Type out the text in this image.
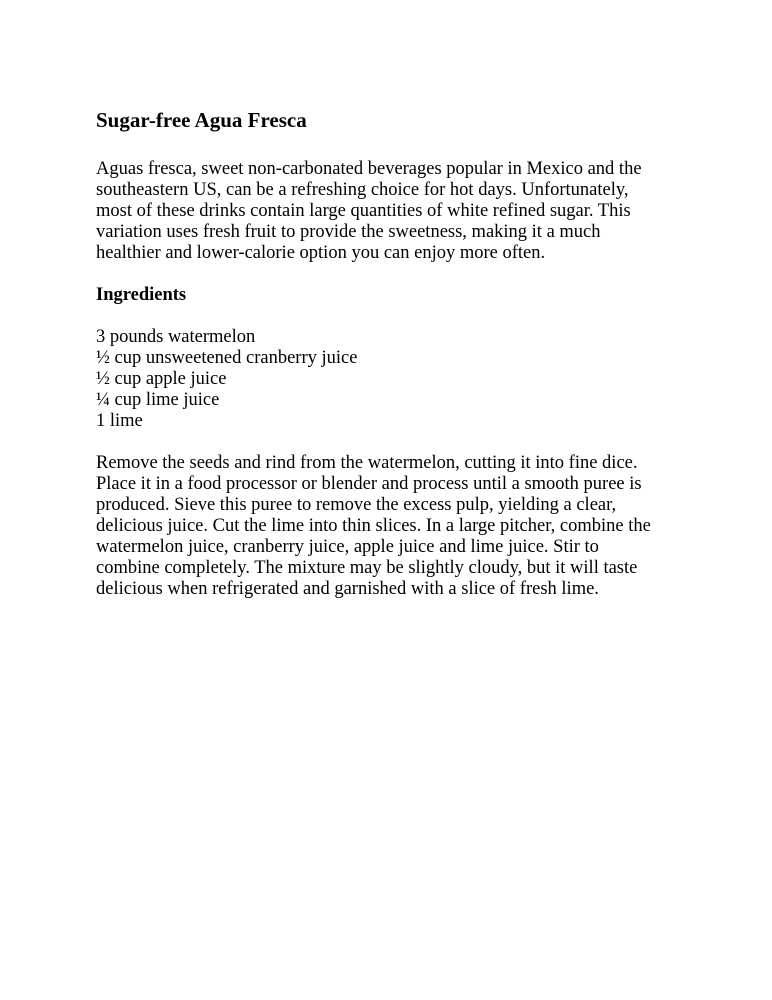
Sugar-free Agua Fresca
Aguas fresca, sweet non-carbonated beverages popular in Mexico and the
southeastern US, can be a refreshing choice for hot days. Unfortunately,
most of these drinks contain large quantities of white refined sugar. This
variation uses fresh fruit to provide the sweetness, making it a much
healthier and lower-calorie option you can enjoy more often.
Ingredients
3 pounds watermelon
½ cup unsweetened cranberry juice
½ cup apple juice
¼ cup lime juice
1 lime
Remove the seeds and rind from the watermelon, cutting it into fine dice.
Place it in a food processor or blender and process until a smooth puree is
produced. Sieve this puree to remove the excess pulp, yielding a clear,
delicious juice. Cut the lime into thin slices. In a large pitcher, combine the
watermelon juice, cranberry juice, apple juice and lime juice. Stir to
combine completely. The mixture may be slightly cloudy, but it will taste
delicious when refrigerated and garnished with a slice of fresh lime.
